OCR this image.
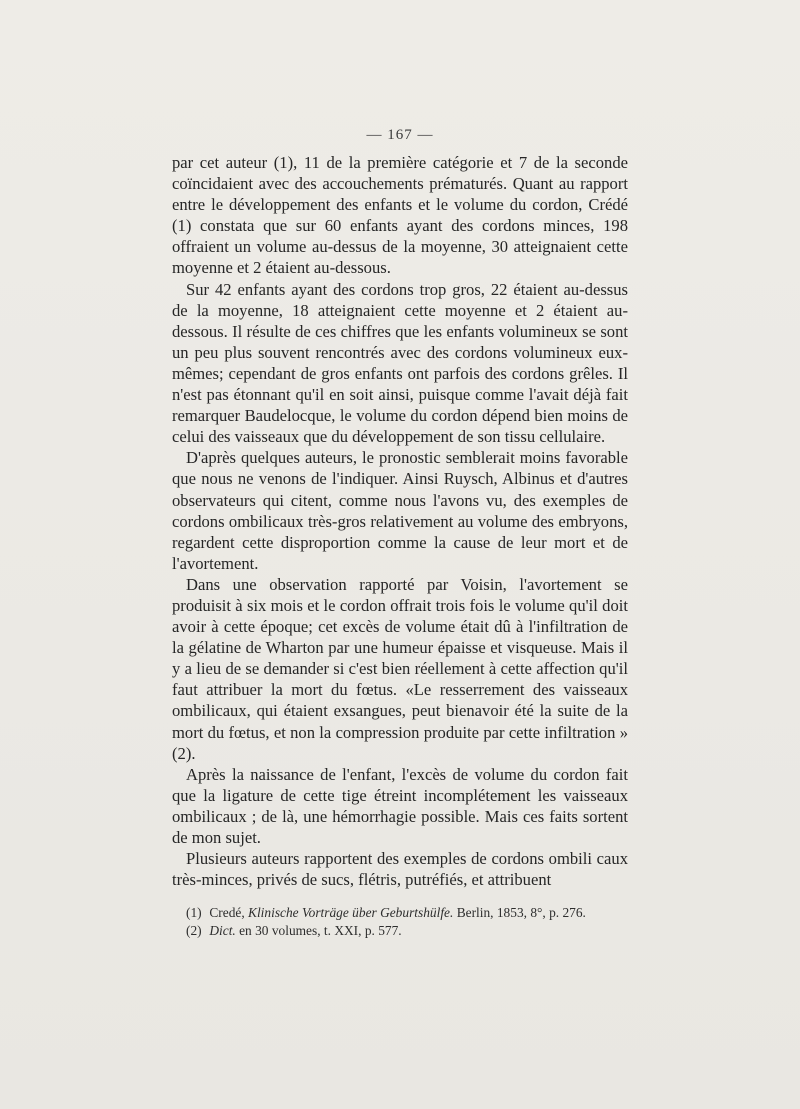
— 167 —

par cet auteur (1), 11 de la première catégorie et 7 de la seconde coïncidaient avec des accouchements prématurés. Quant au rapport entre le développement des enfants et le volume du cordon, Crédé (1) constata que sur 60 enfants ayant des cordons minces, 198 offraient un volume au-dessus de la moyenne, 30 atteignaient cette moyenne et 2 étaient au-dessous.

Sur 42 enfants ayant des cordons trop gros, 22 étaient au-dessus de la moyenne, 18 atteignaient cette moyenne et 2 étaient au-dessous. Il résulte de ces chiffres que les enfants volumineux se sont un peu plus souvent rencontrés avec des cordons volumineux eux-mêmes; cependant de gros enfants ont parfois des cordons grêles. Il n'est pas étonnant qu'il en soit ainsi, puisque comme l'avait déjà fait remarquer Baudelocque, le volume du cordon dépend bien moins de celui des vaisseaux que du développement de son tissu cellulaire.

D'après quelques auteurs, le pronostic semblerait moins favorable que nous ne venons de l'indiquer. Ainsi Ruysch, Albinus et d'autres observateurs qui citent, comme nous l'avons vu, des exemples de cordons ombilicaux très-gros relativement au volume des embryons, regardent cette disproportion comme la cause de leur mort et de l'avortement.

Dans une observation rapporté par Voisin, l'avortement se produisit à six mois et le cordon offrait trois fois le volume qu'il doit avoir à cette époque; cet excès de volume était dû à l'infiltration de la gélatine de Wharton par une humeur épaisse et visqueuse. Mais il y a lieu de se demander si c'est bien réellement à cette affection qu'il faut attribuer la mort du fœtus. «Le resserrement des vaisseaux ombilicaux, qui étaient exsangues, peut bienavoir été la suite de la mort du fœtus, et non la compression produite par cette infiltration » (2).

Après la naissance de l'enfant, l'excès de volume du cordon fait que la ligature de cette tige étreint incomplétement les vaisseaux ombilicaux ; de là, une hémorrhagie possible. Mais ces faits sortent de mon sujet.

Plusieurs auteurs rapportent des exemples de cordons ombili caux très-minces, privés de sucs, flétris, putréfiés, et attribuent

(1) Credé, Klinische Vorträge über Geburtshülfe. Berlin, 1853, 8°, p. 276.

(2) Dict. en 30 volumes, t. XXI, p. 577.
